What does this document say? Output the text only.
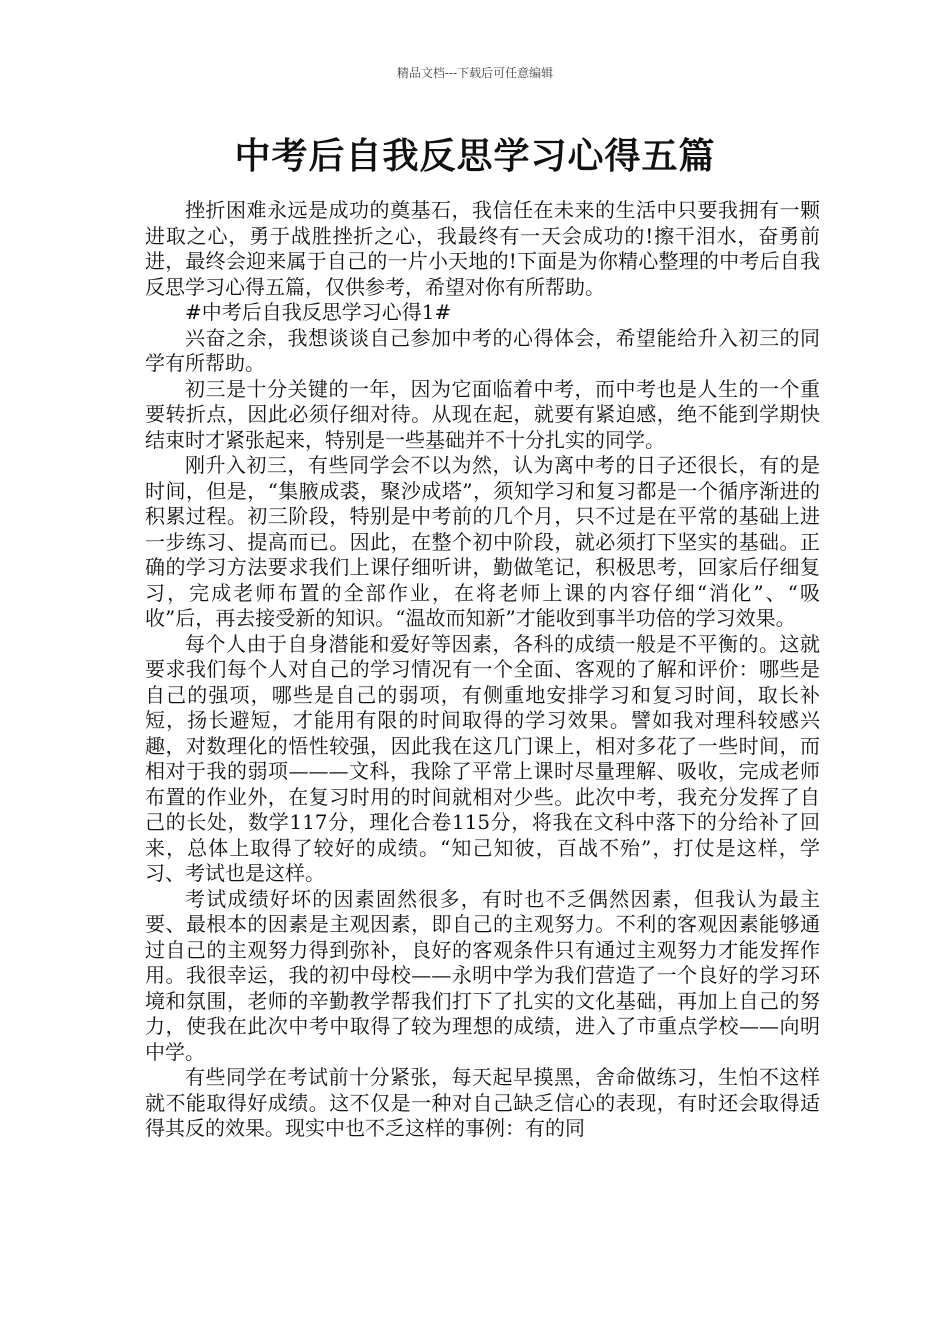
精品文档---下载后可任意编辑
中考后自我反思学习心得五篇

挫折困难永远是成功的奠基石，我信任在未来的生活中只要我拥有一颗进取之心，勇于战胜挫折之心，我最终有一天会成功的!擦干泪水，奋勇前进，最终会迎来属于自己的一片小天地的!下面是为你精心整理的中考后自我反思学习心得五篇，仅供参考，希望对你有所帮助。

#中考后自我反思学习心得1#

兴奋之余，我想谈谈自己参加中考的心得体会，希望能给升入初三的同学有所帮助。

初三是十分关键的一年，因为它面临着中考，而中考也是人生的一个重要转折点，因此必须仔细对待。从现在起，就要有紧迫感，绝不能到学期快结束时才紧张起来，特别是一些基础并不十分扎实的同学。

刚升入初三，有些同学会不以为然，认为离中考的日子还很长，有的是时间，但是，“集腋成裘，聚沙成塔”，须知学习和复习都是一个循序渐进的积累过程。初三阶段，特别是中考前的几个月，只不过是在平常的基础上进一步练习、提高而已。因此，在整个初中阶段，就必须打下坚实的基础。正确的学习方法要求我们上课仔细听讲，勤做笔记，积极思考，回家后仔细复习，完成老师布置的全部作业，在将老师上课的内容仔细“消化”、“吸收”后，再去接受新的知识。“温故而知新”才能收到事半功倍的学习效果。

每个人由于自身潜能和爱好等因素，各科的成绩一般是不平衡的。这就要求我们每个人对自己的学习情况有一个全面、客观的了解和评价：哪些是自己的强项，哪些是自己的弱项，有侧重地安排学习和复习时间，取长补短，扬长避短，才能用有限的时间取得的学习效果。譬如我对理科较感兴趣，对数理化的悟性较强，因此我在这几门课上，相对多花了一些时间，而相对于我的弱项———文科，我除了平常上课时尽量理解、吸收，完成老师布置的作业外，在复习时用的时间就相对少些。此次中考，我充分发挥了自己的长处，数学117分，理化合卷115分，将我在文科中落下的分给补了回来，总体上取得了较好的成绩。“知己知彼，百战不殆”，打仗是这样，学习、考试也是这样。

考试成绩好坏的因素固然很多，有时也不乏偶然因素，但我认为最主要、最根本的因素是主观因素，即自己的主观努力。不利的客观因素能够通过自己的主观努力得到弥补，良好的客观条件只有通过主观努力才能发挥作用。我很幸运，我的初中母校——永明中学为我们营造了一个良好的学习环境和氛围，老师的辛勤教学帮我们打下了扎实的文化基础，再加上自己的努力，使我在此次中考中取得了较为理想的成绩，进入了市重点学校——向明中学。

有些同学在考试前十分紧张，每天起早摸黑，舍命做练习，生怕不这样就不能取得好成绩。这不仅是一种对自己缺乏信心的表现，有时还会取得适得其反的效果。现实中也不乏这样的事例：有的同
